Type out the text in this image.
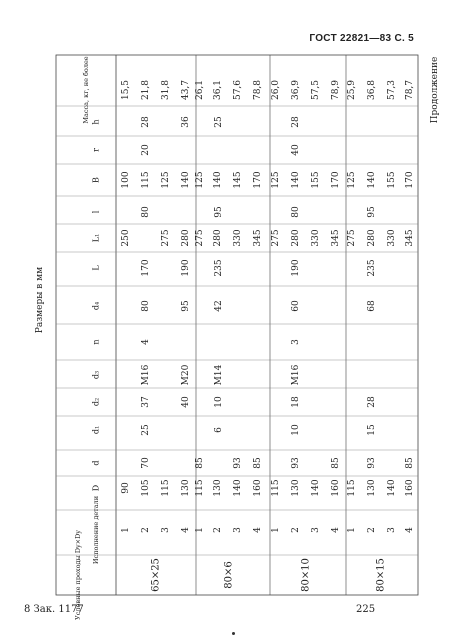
ГОСТ 22821—83 С. 5
Условные проходы Dy×Dy
Исполнение детали
D
d
d₁
d₂
d₃
n
d₄
L
L₁
l
B
r
h
Масса, кг, не более
Размеры в мм
Продолжение
65×25
1
90
250
100
15,5
2
105
115
21,8
3
115
275
125
31,8
4
130
280
140
43,7
70
25
37
M16
4
80
170
80
20
28
40
M20
95
190
36
80×6
1
115
85
275
125
26,1
2
130
280
140
36,1
3
140
93
330
145
57,6
4
160
85
345
170
78,8
6
10
M14
42
235
95
25
80×10
1
115
275
125
26,0
2
130
93
280
140
36,9
3
140
330
155
57,5
4
160
85
345
170
78,9
10
18
M16
3
60
190
80
40
28
80×15
1
115
275
125
25,9
2
130
93
280
140
36,8
3
140
330
155
57,3
4
160
85
345
170
78,7
15
28
68
235
95
8 Зак. 1177	225
